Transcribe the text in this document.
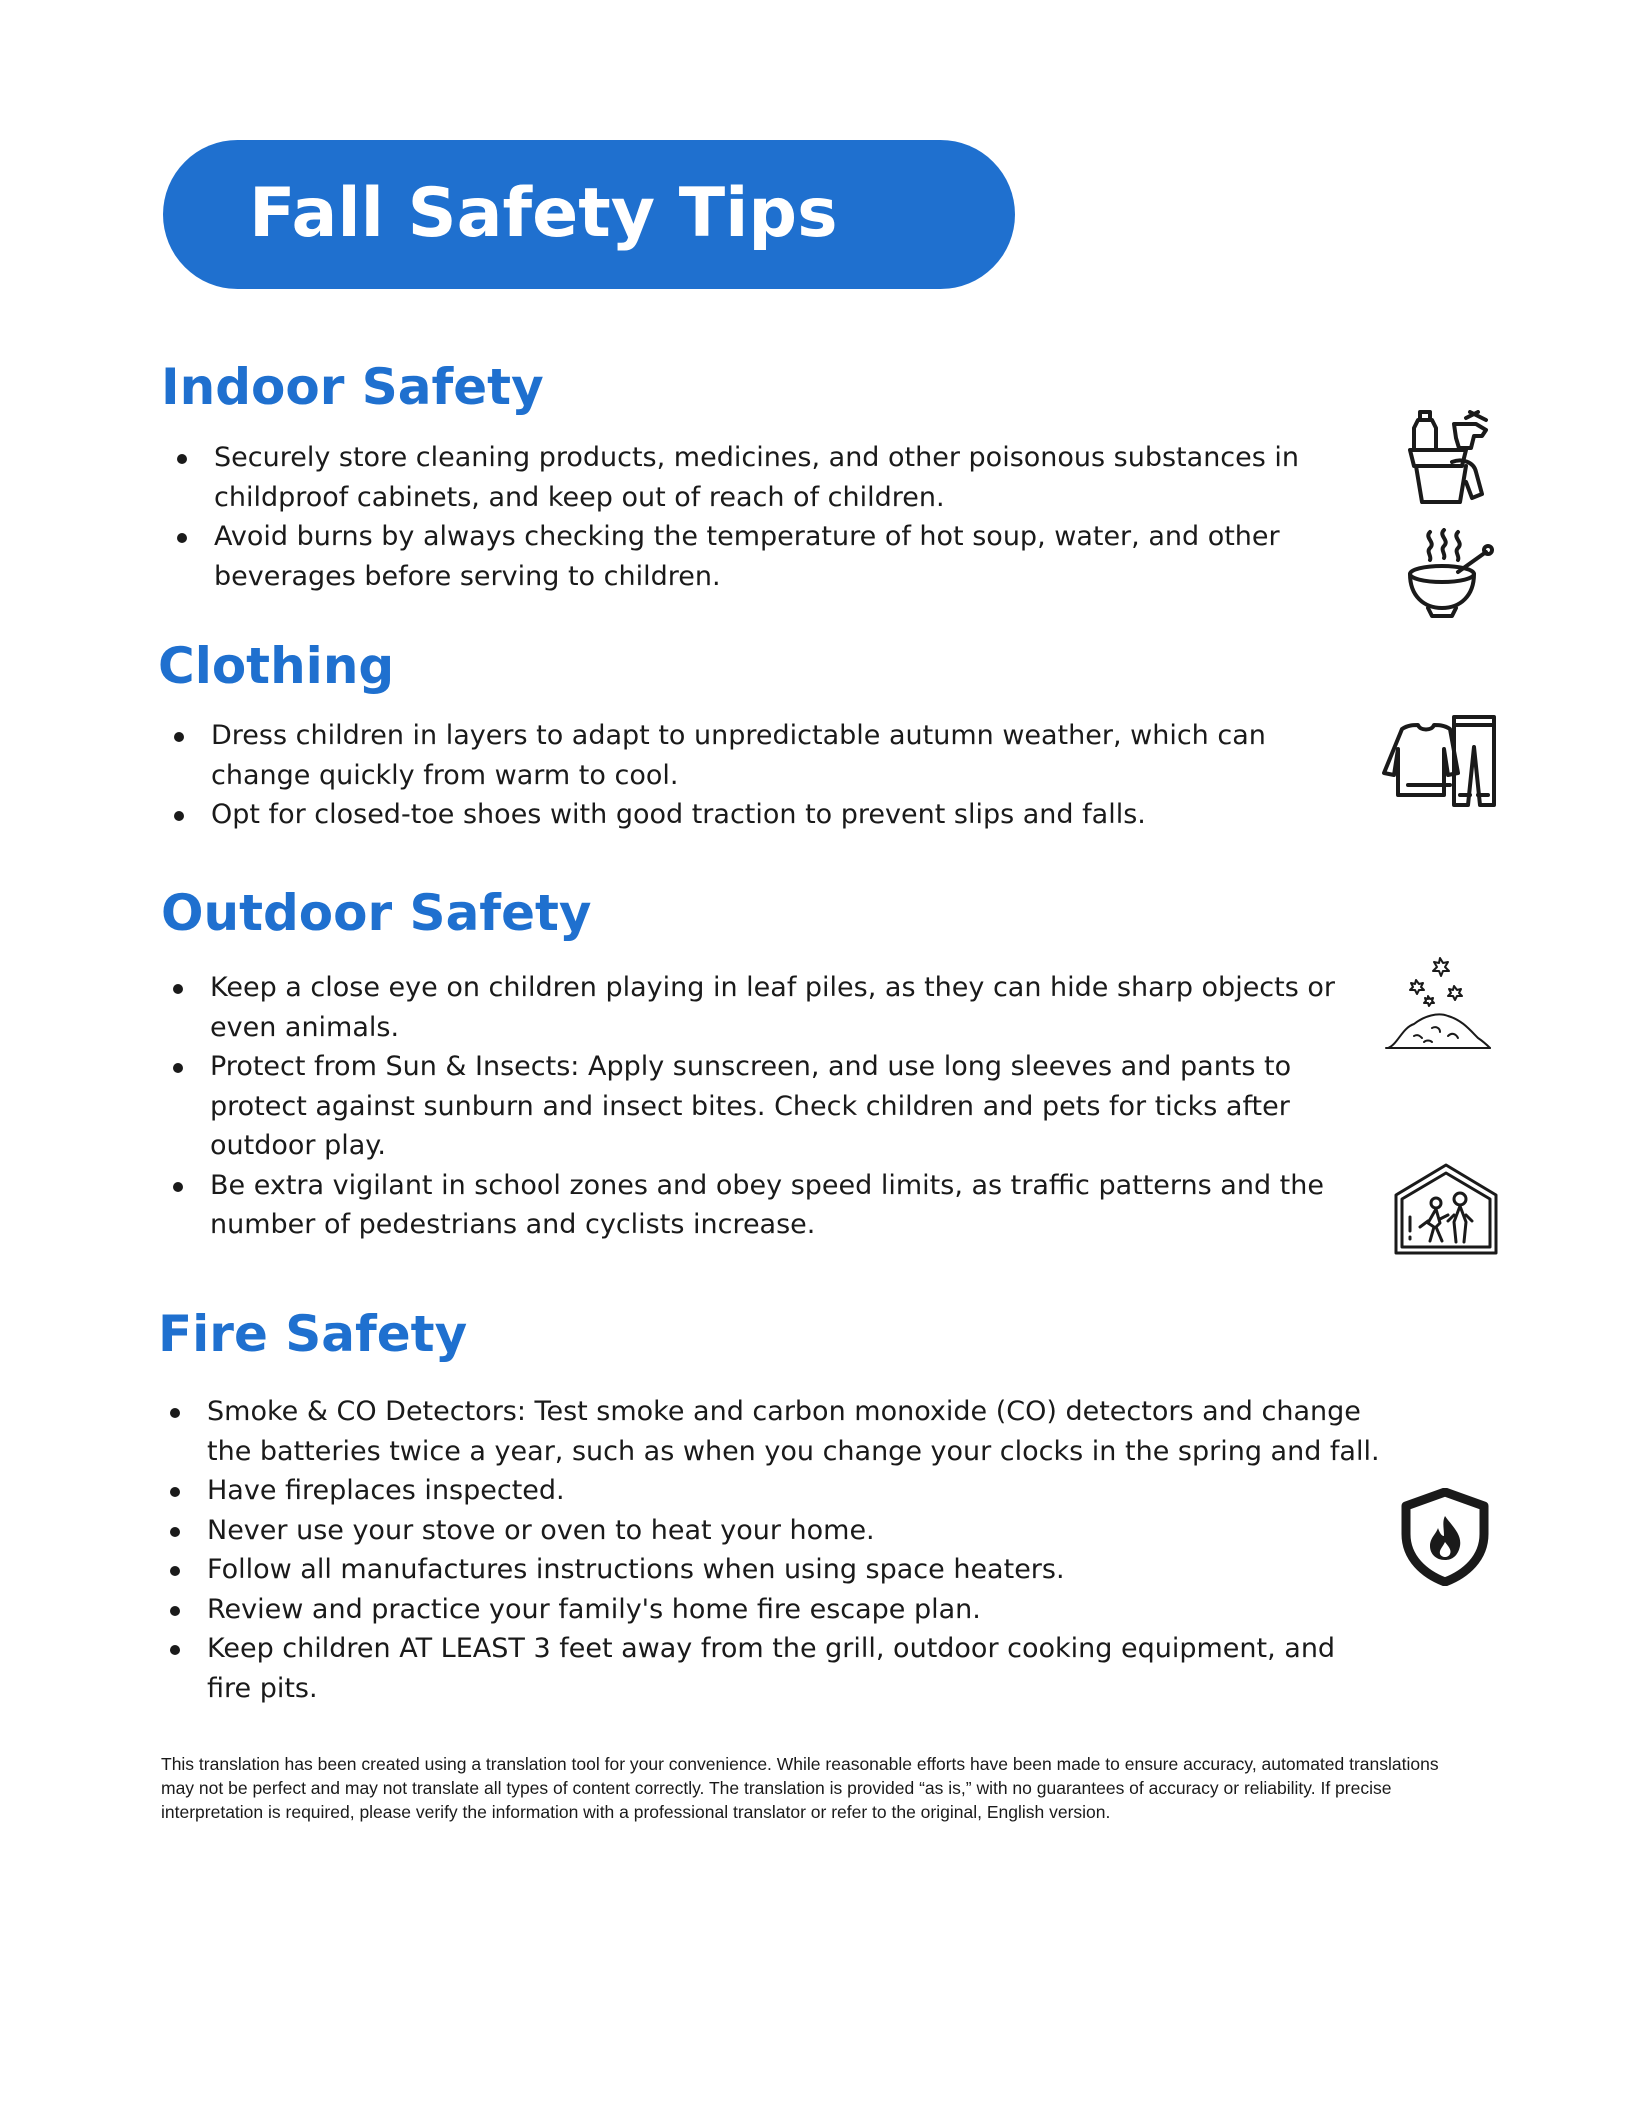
Fall Safety Tips
Indoor Safety
Securely store cleaning products, medicines, and other poisonous substances in childproof cabinets, and keep out of reach of children.
Avoid burns by always checking the temperature of hot soup, water, and other beverages before serving to children.
Clothing
Dress children in layers to adapt to unpredictable autumn weather, which can change quickly from warm to cool.
Opt for closed-toe shoes with good traction to prevent slips and falls.
Outdoor Safety
Keep a close eye on children playing in leaf piles, as they can hide sharp objects or even animals.
Protect from Sun & Insects: Apply sunscreen, and use long sleeves and pants to protect against sunburn and insect bites. Check children and pets for ticks after outdoor play.
Be extra vigilant in school zones and obey speed limits, as traffic patterns and the number of pedestrians and cyclists increase.
Fire Safety
Smoke & CO Detectors: Test smoke and carbon monoxide (CO) detectors and change the batteries twice a year, such as when you change your clocks in the spring and fall.
Have fireplaces inspected.
Never use your stove or oven to heat your home.
Follow all manufactures instructions when using space heaters.
Review and practice your family's home fire escape plan.
Keep children AT LEAST 3 feet away from the grill, outdoor cooking equipment, and fire pits.

This translation has been created using a translation tool for your convenience. While reasonable efforts have been made to ensure accuracy, automated translations may not be perfect and may not translate all types of content correctly. The translation is provided “as is,” with no guarantees of accuracy or reliability. If precise interpretation is required, please verify the information with a professional translator or refer to the original, English version.
